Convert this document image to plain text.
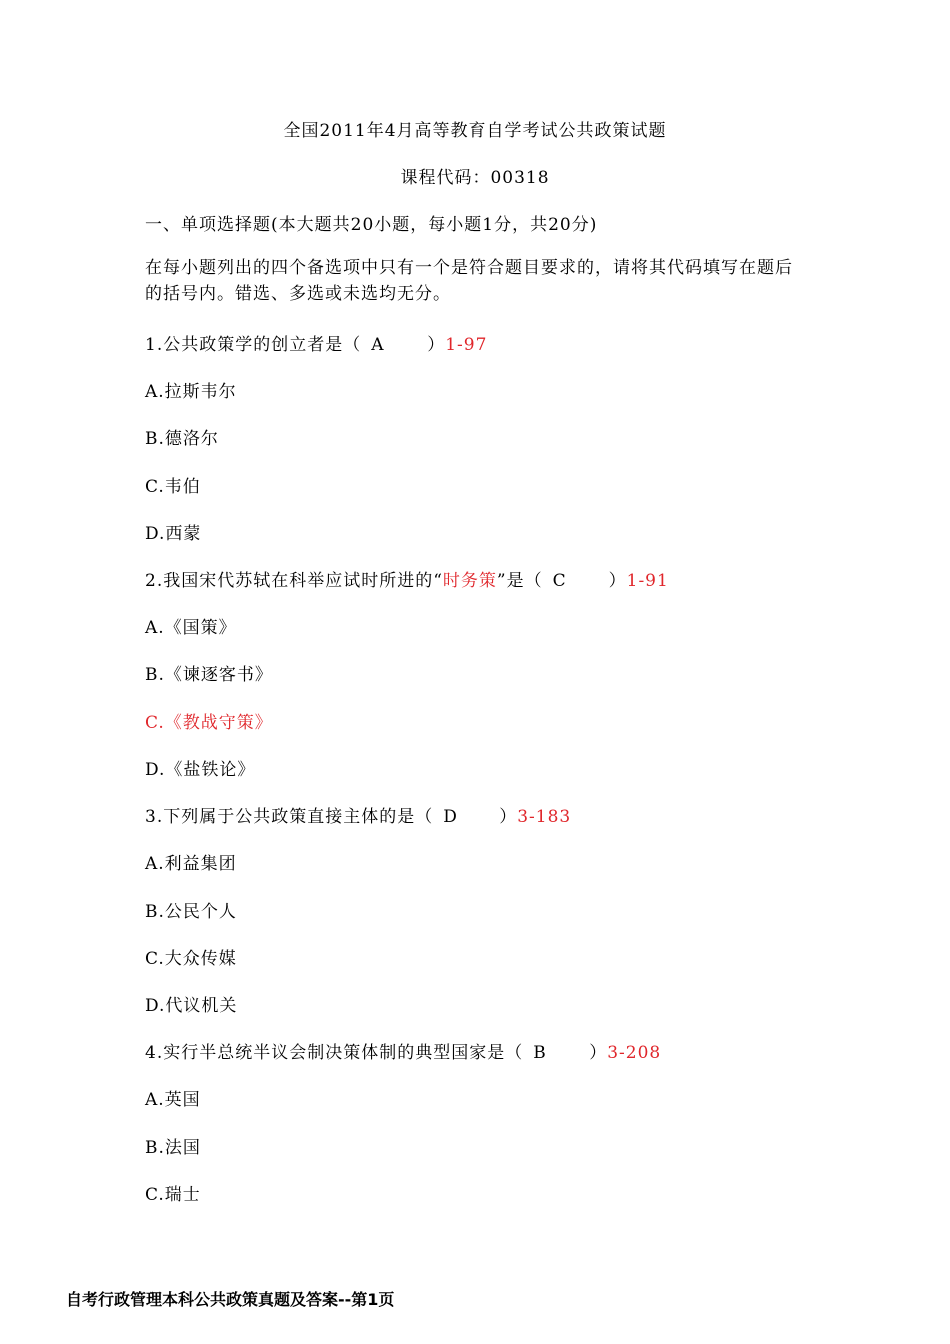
全国2011年4月高等教育自学考试公共政策试题
课程代码：00318
一、单项选择题(本大题共20小题，每小题1分，共20分)
在每小题列出的四个备选项中只有一个是符合题目要求的，请将其代码填写在题后的括号内。错选、多选或未选均无分。
1.公共政策学的创立者是（ A	）1-97
A.拉斯韦尔
B.德洛尔
C.韦伯
D.西蒙
2.我国宋代苏轼在科举应试时所进的“时务策”是（ C ）1-91
A.《国策》
B.《谏逐客书》
C.《教战守策》
D.《盐铁论》
3.下列属于公共政策直接主体的是（ D ）3-183
A.利益集团
B.公民个人
C.大众传媒
D.代议机关
4.实行半总统半议会制决策体制的典型国家是（ B	）3-208
A.英国
B.法国
C.瑞士
自考行政管理本科公共政策真题及答案--第1页
